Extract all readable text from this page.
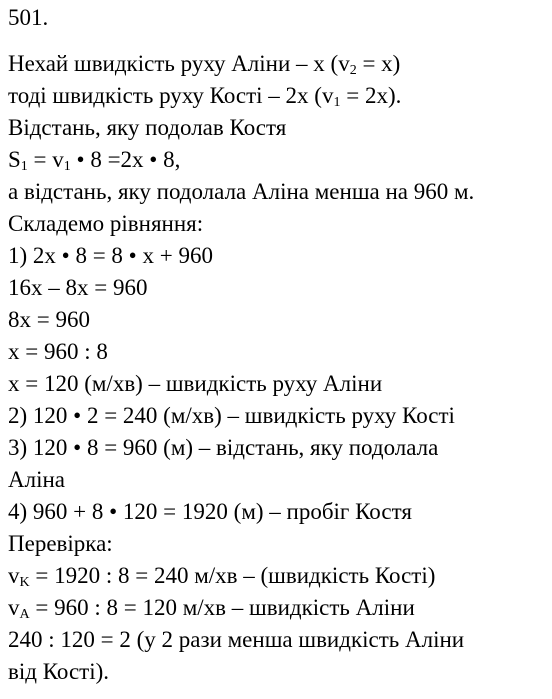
501.
Нехай швидкість руху Аліни – x $(v_2 = x)$
тоді швидкість руху Кості – 2x $(v_1 = 2x)$.
Відстань, яку подолав Костя
$S_1 = v_1$ • 8 =2x • 8,
а відстань, яку подолала Аліна менша на 960 м.
Складемо рівняння:
1) 2x • 8 = 8 • x + 960
16x – 8x = 960
8x = 960
x = 960 : 8
x = 120 (м/хв) – швидкість руху Аліни
2) 120 • 2 = 240 (м/хв) – швидкість руху Кості
3) 120 • 8 = 960 (м) – відстань, яку подолала
Аліна
4) 960 + 8 • 120 = 1920 (м) – пробіг Костя
Перевірка:
$v_K = 1920$ : 8 = 240 м/хв – (швидкість Кості)
$v_A = 960$ : 8 = 120 м/хв – швидкість Аліни
240 : 120 = 2 (у 2 рази менша швидкість Аліни
від Кості).
